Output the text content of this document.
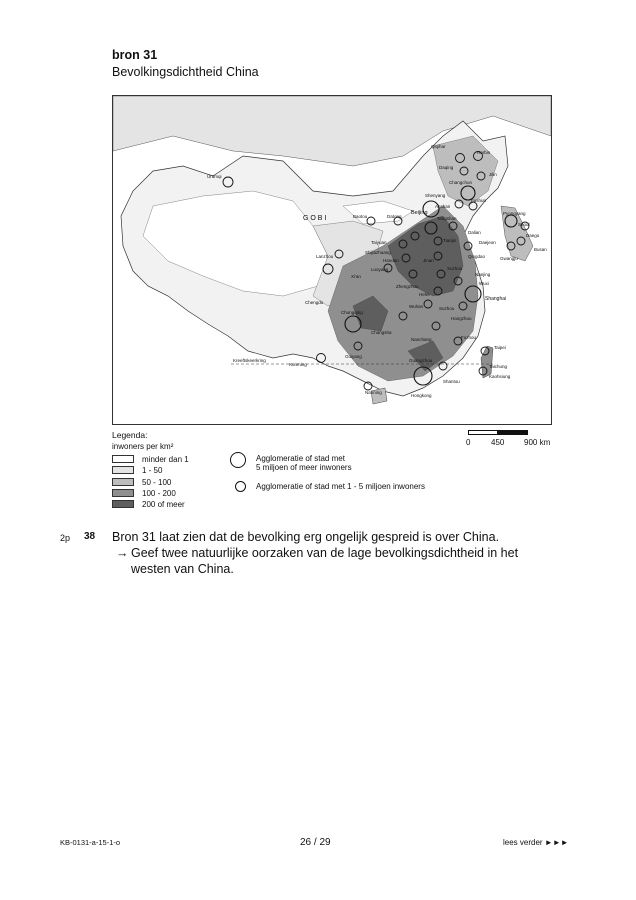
bron 31
Bevolkingsdichtheid China
Qiqihar
Harbin
Daqing
Jilin
Changchun
Shenyang
Anshan
Fushun
Ürümqi
G O B I	Baotou	Datong
Beijing
Tangshan
Dalian
Pyongyang
Seoul
Daegu
Taiyuan	Tianjin	Daejeon
Busan
Shijiazhuang
Handan
Lanzhou
Jinan
Qingdao	Gwangju
Luoyang
Xi'an
Xuzhou
Nanjing
Wuxi
Zhengzhou
Hefei
Shanghai
Chengdu
Wuhan	Suzhou
Hangzhou
Chongqing
Changsha
Nanchang	Fuzhou
Guiyang
Taipei
Kreeftskeerkring
Kunming
Guangzhou
Taichung
Kaohsiung
Shantou
Hongkong
Nanning
Legenda:
inwoners per km²
minder dan 1
1 - 50
50 - 100
100 - 200
200 of meer
Agglomeratie of stad met
5 miljoen of meer inwoners
Agglomeratie of stad met 1 - 5 miljoen inwoners
0	450 900 km
2p 38 Bron 31 laat zien dat de bevolking erg ongelijk gespreid is over China.
→ Geef twee natuurlijke oorzaken van de lage bevolkingsdichtheid in het
westen van China.
KB-0131-a-15-1-o	26 / 29	lees verder ►►►
